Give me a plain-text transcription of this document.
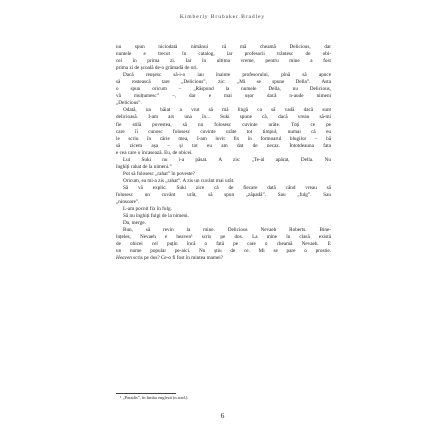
Kimberly Brubaker Bradley
nu spun niciodată nimănui că mă cheamă Delicious, dar
numele e trecut în catalog, iar profesorii trântesc de obi-
cei în prima zi. Iar în ultima vreme, pentru mine a fost
prima zi de școală de-o grămadă de ori.
Dacă reușesc să-i-o iau înainte profesorului, pînă să apuce
să rostească tare „Delicious”, zic: „Mi se spune Della”. Asta
o spun oricum – „Răspund la numele Della, nu Delicious,
vă mulțumesc” –, dar e mai ușor dacă n-aude nimeni
„Delicious”.
Odată, un băiat a vrut să mă lingă ca să vadă dacă sunt
delicioasă. I-am ars una în... Suki spune că, dacă vreau să-mi
fie stilă povestea, să nu folosesc cuvinte urâte. Toți ce pe
care îi cunosc folosesc cuvinte urâte tot timpul, numai că eu
le scriu în cărie mea, I-am lovit fix în formoarul blugilor – bă
să zicem așa – și tot eu am dat de necaz. Întotdeauna fata
e cea care o încasează. Eu, de obicei.
Lui Suki nu i-a păsat. A zis: „Te-ai apărat, Della. Nu
înghiți rahat de la nimeni.”
Pot să folosesc „rahat” în poveste?
Oricum, ea mi-a zis „rahat”. A zis un cuvânt mai urât.
Să vă explic. Suki zice că de fiecare dată când vreau să
folosesc un cuvânt urât, să spun „zăpadă”. Sau „fulg”. Sau
„ninsoare”.
L-am pocnit fix în fulg.
Să nu înghiți fulgi de la nimeni.
Da, merge.
Bun, să revin la mine. Delicious Nevaeh Roberts. Bine-
înțeles, Nevaeh e heaven¹ scris pe dos. La mine în clasă există
de obicei cel puțin încă o fată pe care o cheamă Nevaeh. E
un nume popular pe-aici. Nu știu de ce. Mi se pare o prostie.
Heaven scris pe dos? Ce-o fi fost în mintea mamei?
¹ „Paradis”, în limba engleză (n.trad.).
6
